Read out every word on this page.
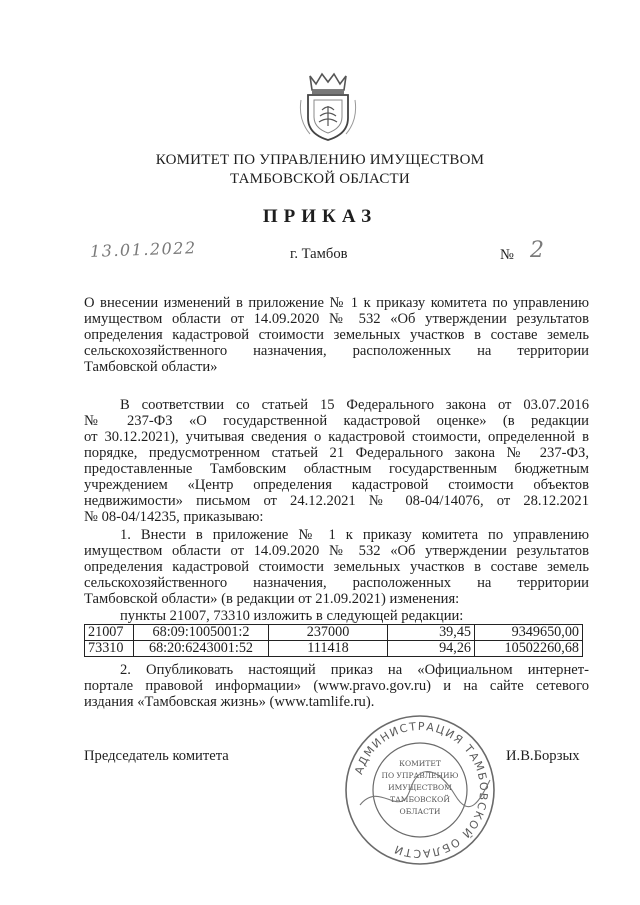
КОМИТЕТ ПО УПРАВЛЕНИЮ ИМУЩЕСТВОМ
ТАМБОВСКОЙ ОБЛАСТИ
ПРИКАЗ
13.01.2022	г. Тамбов	№ 2
О внесении изменений в приложение № 1 к приказу комитета по управлению
имуществом области от 14.09.2020 № 532 «Об утверждении результатов
определения кадастровой стоимости земельных участков в составе земель
сельскохозяйственного назначения, расположенных на территории
Тамбовской области»
В соответствии со статьей 15 Федерального закона от 03.07.2016
№ 237-ФЗ «О государственной кадастровой оценке» (в редакции
от 30.12.2021), учитывая сведения о кадастровой стоимости, определенной в
порядке, предусмотренном статьей 21 Федерального закона № 237-ФЗ,
предоставленные Тамбовским областным государственным бюджетным
учреждением «Центр определения кадастровой стоимости объектов
недвижимости» письмом от 24.12.2021 № 08-04/14076, от 28.12.2021
№ 08-04/14235, приказываю:
1. Внести в приложение № 1 к приказу комитета по управлению
имуществом области от 14.09.2020 № 532 «Об утверждении результатов
определения кадастровой стоимости земельных участков в составе земель
сельскохозяйственного назначения, расположенных на территории
Тамбовской области» (в редакции от 21.09.2021) изменения:
пункты 21007, 73310 изложить в следующей редакции:
21007	68:09:1005001:2	237000	39,45	9349650,00
73310	68:20:6243001:52	111418	94,26	10502260,68
2. Опубликовать настоящий приказ на «Официальном интернет-
портале правовой информации» (www.pravo.gov.ru) и на сайте сетевого
издания «Тамбовская жизнь» (www.tamlife.ru).
Председатель комитета	И.В.Борзых
АДМИНИСТРАЦИЯ ТАМБОВСКОЙ ОБЛАСТИ
КОМИТЕТ
ПО УПРАВЛЕНИЮ
ИМУЩЕСТВОМ
ТАМБОВСКОЙ
ОБЛАСТИ
